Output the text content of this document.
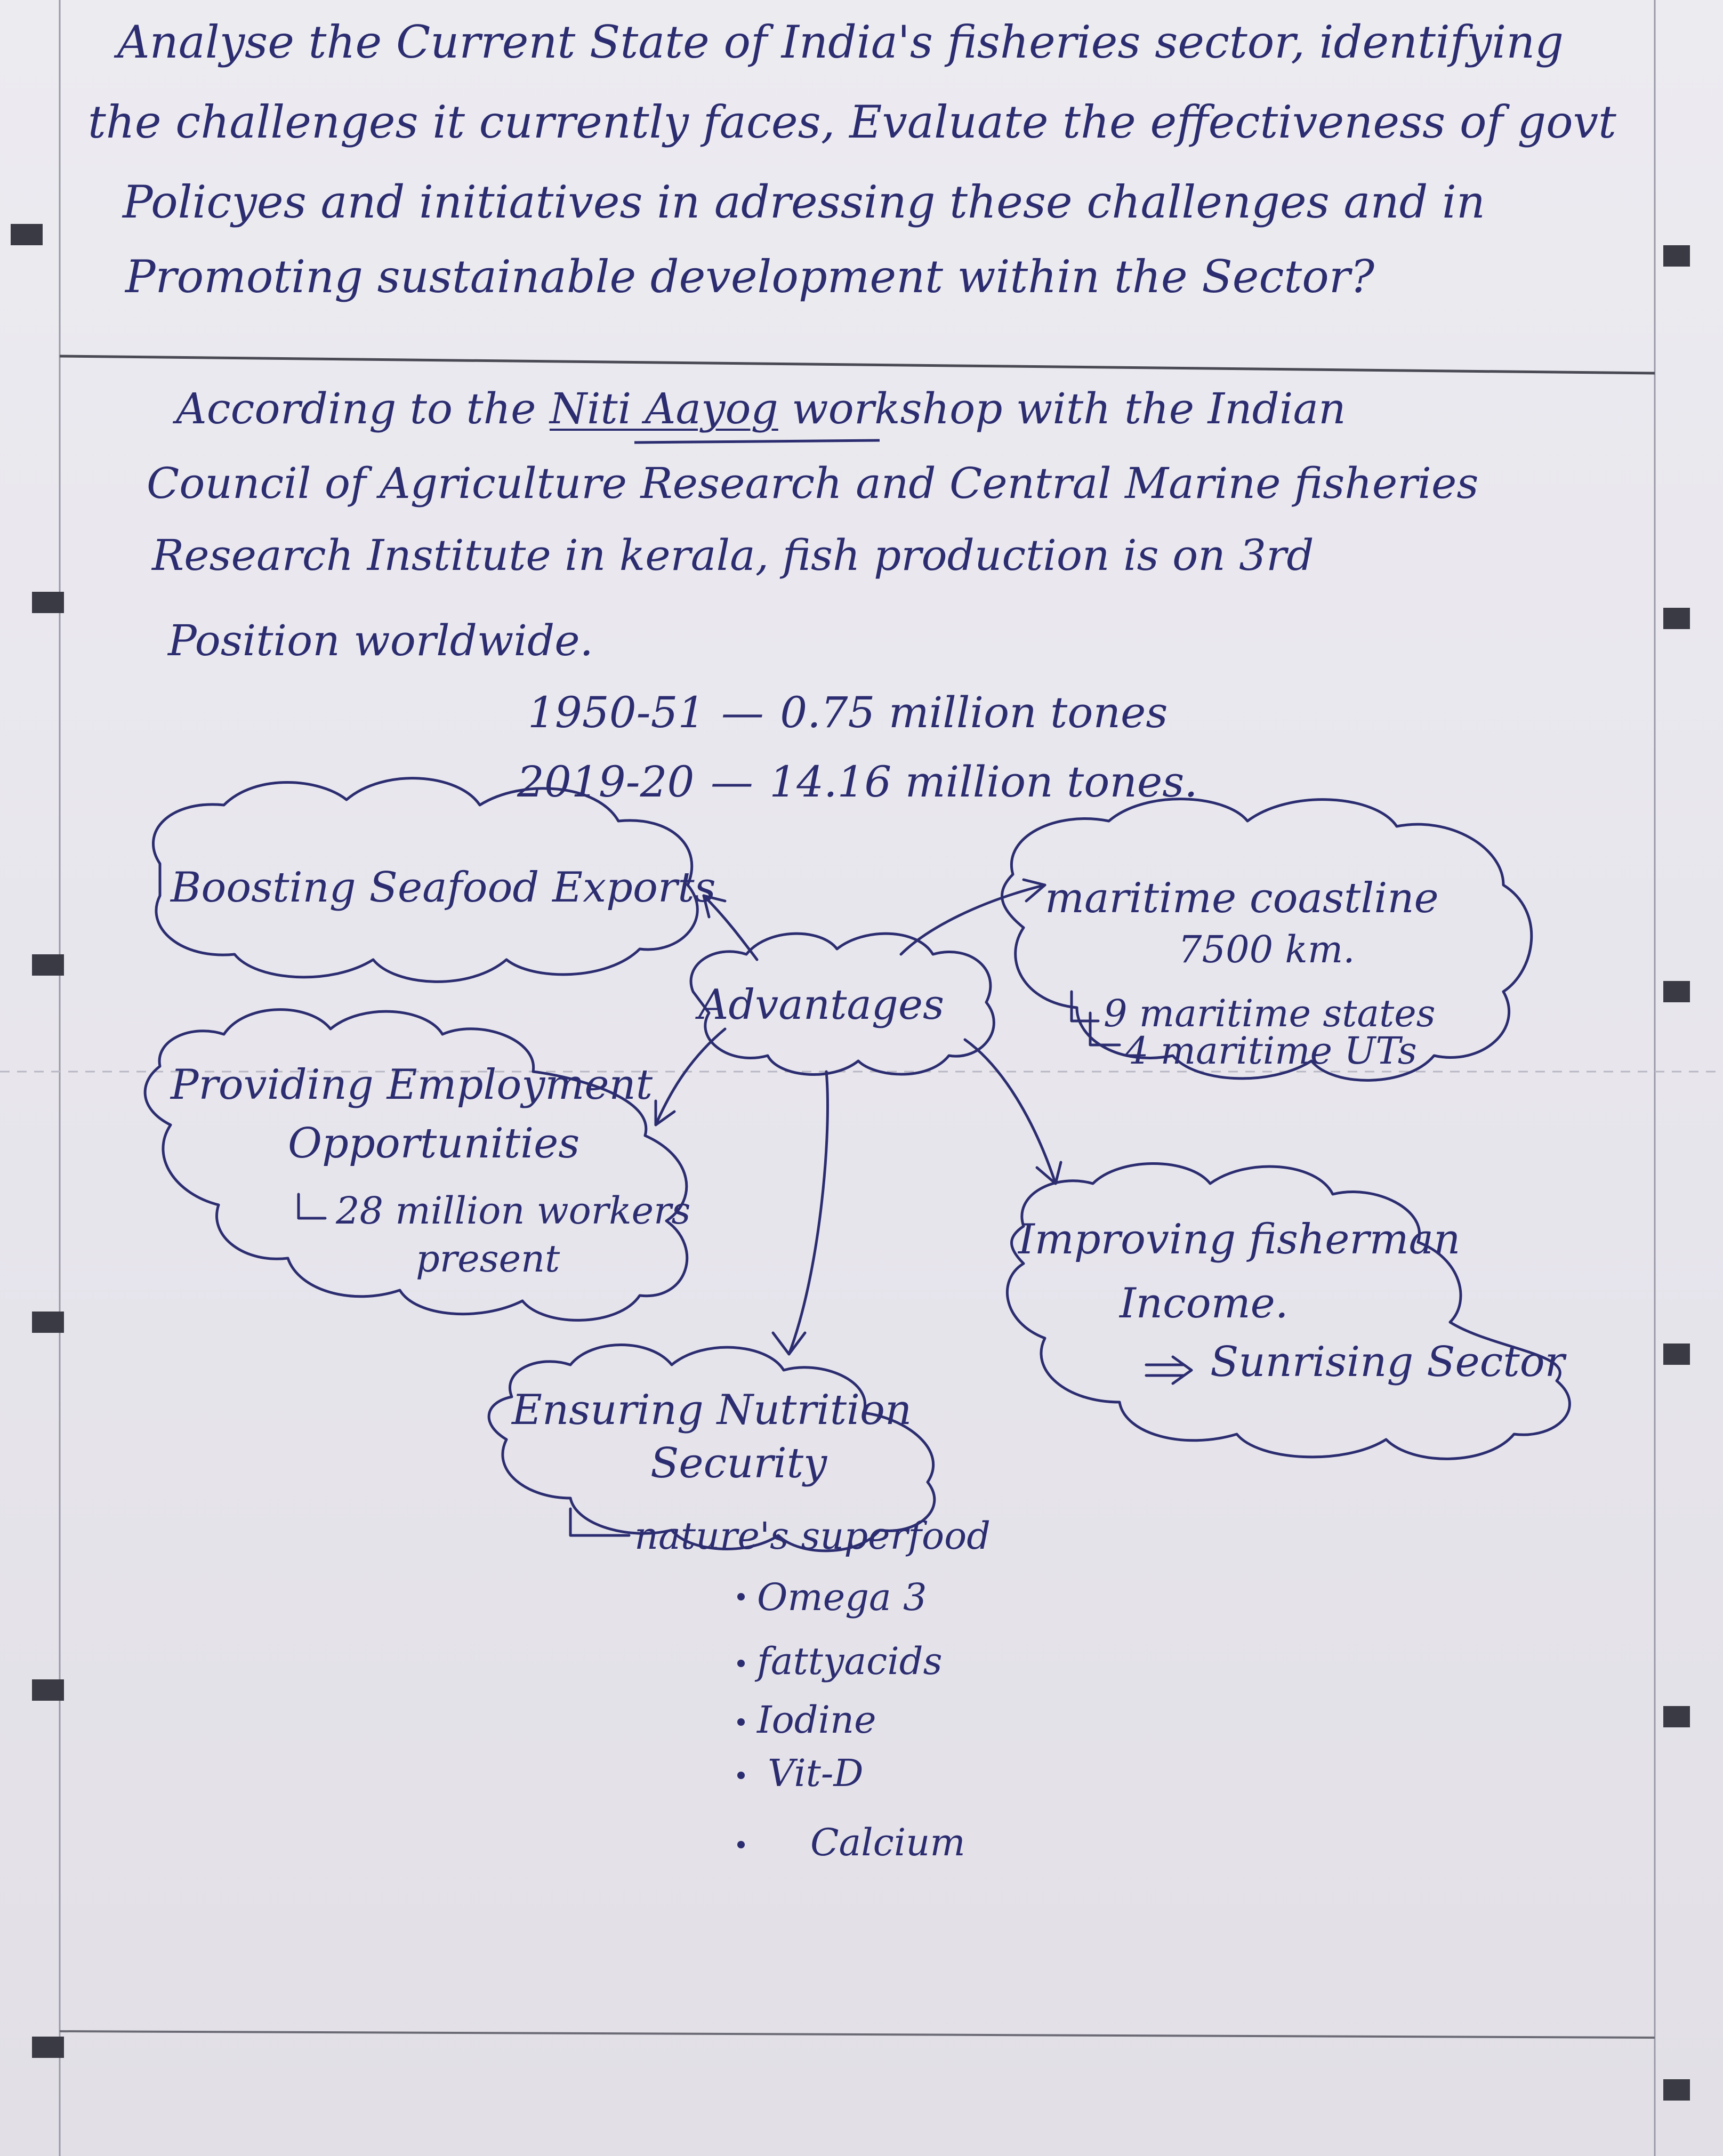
Analyse the Current State of India's fisheries sector, identifying
the challenges it currently faces, Evaluate the effectiveness of govt
Policyes and initiatives in adressing these challenges and in
Promoting sustainable development within the Sector?
According to the Niti Aayog workshop with the Indian
Council of Agriculture Research and Central Marine fisheries
Research Institute in kerala, fish production is on 3rd
Position worldwide.
1950-51 — 0.75 million tones
2019-20 — 14.16 million tones.
Boosting Seafood Exports	maritime coastline
7500 km.
9 maritime states
4 maritime UTs
Advantages
Providing Employment
Opportunities
28 million workers
present	Improving fisherman
Income.
Sunrising Sector
Ensuring Nutrition
Security
nature's superfood
Omega 3
fattyacids
Iodine
Vit-D
Calcium
